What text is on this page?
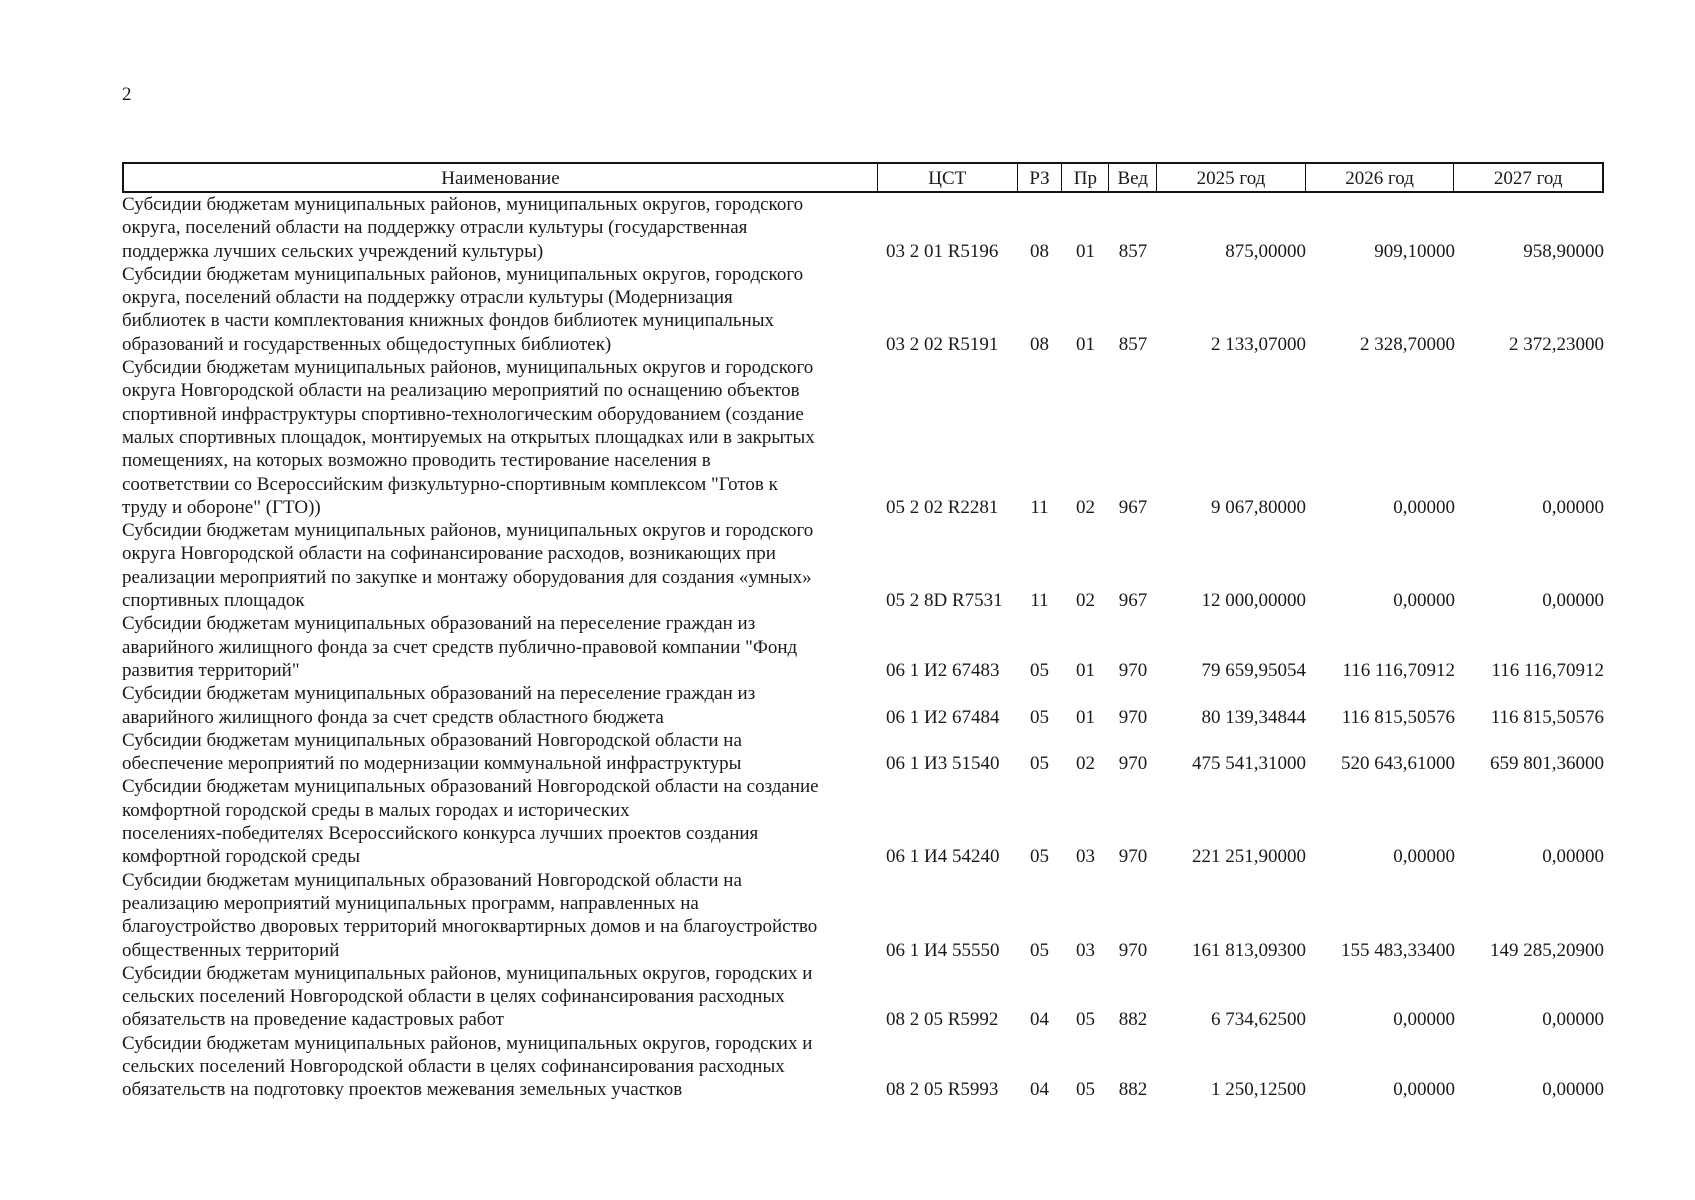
2
Наименование	ЦСТ	РЗ	Пр	Вед	2025 год	2026 год	2027 год
Субсидии бюджетам муниципальных районов, муниципальных округов, городского
округа, поселений области на поддержку отрасли культуры (государственная
поддержка лучших сельских учреждений культуры)	03 2 01 R5196	08	01	857	875,00000	909,10000	958,90000
Субсидии бюджетам муниципальных районов, муниципальных округов, городского
округа, поселений области на поддержку отрасли культуры (Модернизация
библиотек в части комплектования книжных фондов библиотек муниципальных
образований и государственных общедоступных библиотек)	03 2 02 R5191	08	01	857	2 133,07000	2 328,70000	2 372,23000
Субсидии бюджетам муниципальных районов, муниципальных округов и городского
округа Новгородской области на реализацию мероприятий по оснащению объектов
спортивной инфраструктуры спортивно-технологическим оборудованием (создание
малых спортивных площадок, монтируемых на открытых площадках или в закрытых
помещениях, на которых возможно проводить тестирование населения в
соответствии со Всероссийским физкультурно-спортивным комплексом "Готов к
труду и обороне" (ГТО))	05 2 02 R2281	11	02	967	9 067,80000	0,00000	0,00000
Субсидии бюджетам муниципальных районов, муниципальных округов и городского
округа Новгородской области на софинансирование расходов, возникающих при
реализации мероприятий по закупке и монтажу оборудования для создания «умных»
спортивных площадок	05 2 8D R7531	11	02	967	12 000,00000	0,00000	0,00000
Субсидии бюджетам муниципальных образований на переселение граждан из
аварийного жилищного фонда за счет средств публично-правовой компании "Фонд
развития территорий"	06 1 И2 67483	05	01	970	79 659,95054	116 116,70912	116 116,70912
Субсидии бюджетам муниципальных образований на переселение граждан из
аварийного жилищного фонда за счет средств областного бюджета	06 1 И2 67484	05	01	970	80 139,34844	116 815,50576	116 815,50576
Субсидии бюджетам муниципальных образований Новгородской области на
обеспечение мероприятий по модернизации коммунальной инфраструктуры	06 1 И3 51540	05	02	970	475 541,31000	520 643,61000	659 801,36000
Субсидии бюджетам муниципальных образований Новгородской области на создание
комфортной городской среды в малых городах и исторических
поселениях-победителях Всероссийского конкурса лучших проектов создания
комфортной городской среды	06 1 И4 54240	05	03	970	221 251,90000	0,00000	0,00000
Субсидии бюджетам муниципальных образований Новгородской области на
реализацию мероприятий муниципальных программ, направленных на
благоустройство дворовых территорий многоквартирных домов и на благоустройство
общественных территорий	06 1 И4 55550	05	03	970	161 813,09300	155 483,33400	149 285,20900
Субсидии бюджетам муниципальных районов, муниципальных округов, городских и
сельских поселений Новгородской области в целях софинансирования расходных
обязательств на проведение кадастровых работ	08 2 05 R5992	04	05	882	6 734,62500	0,00000	0,00000
Субсидии бюджетам муниципальных районов, муниципальных округов, городских и
сельских поселений Новгородской области в целях софинансирования расходных
обязательств на подготовку проектов межевания земельных участков	08 2 05 R5993	04	05	882	1 250,12500	0,00000	0,00000
